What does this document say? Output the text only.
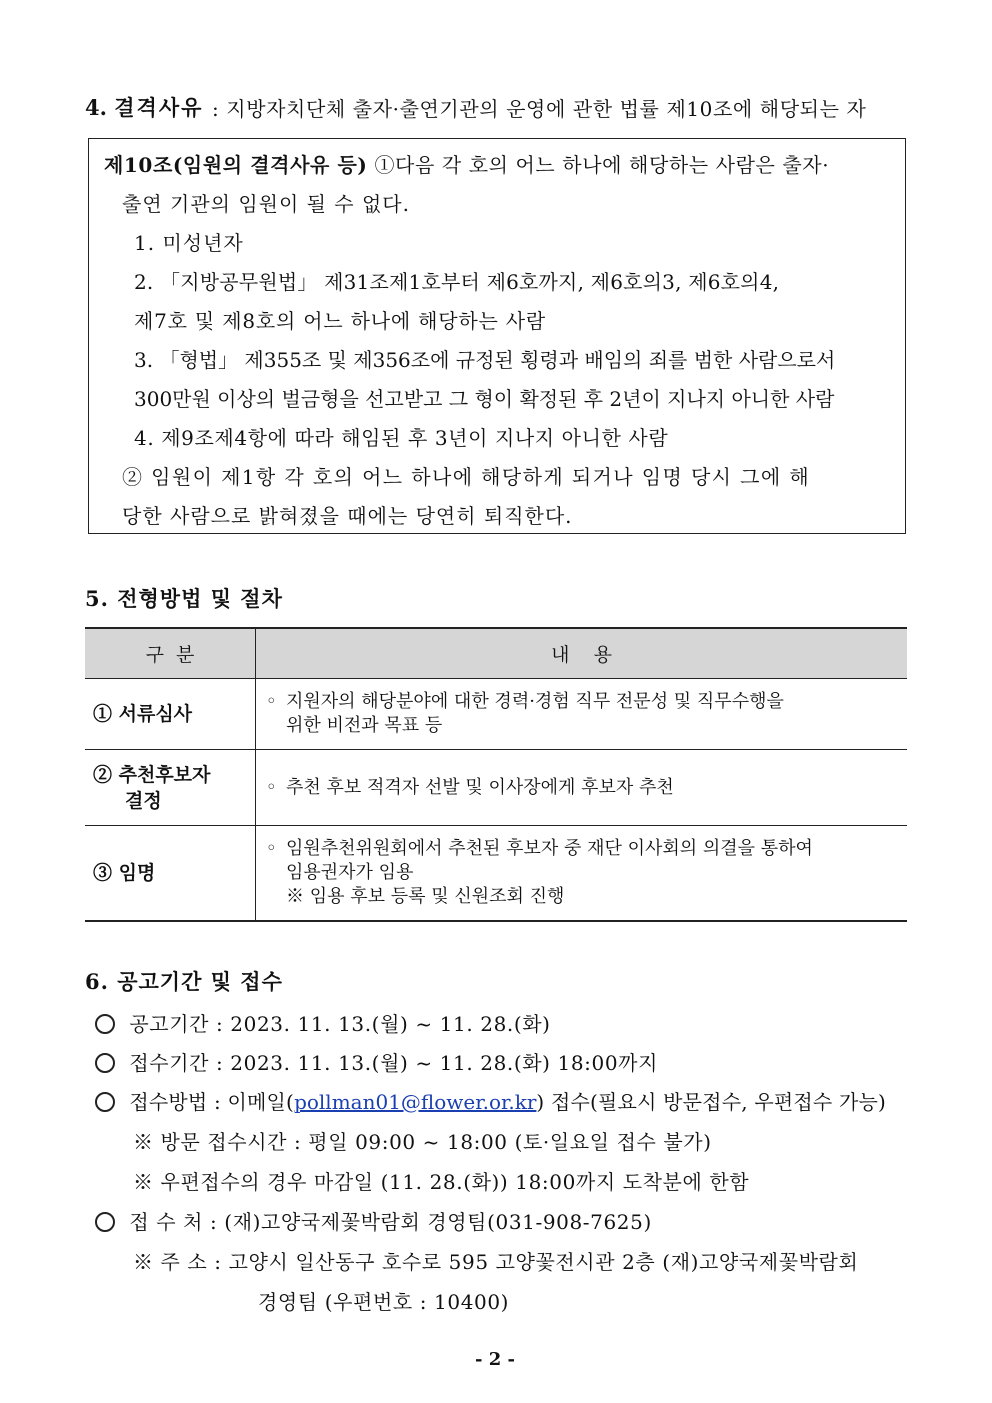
4. 결격사유 : 지방자치단체 출자·출연기관의 운영에 관한 법률 제10조에 해당되는 자
제10조(임원의 결격사유 등) ①다음 각 호의 어느 하나에 해당하는 사람은 출자·
출연 기관의 임원이 될 수 없다.
1. 미성년자
2. 「지방공무원법」 제31조제1호부터 제6호까지, 제6호의3, 제6호의4,
제7호 및 제8호의 어느 하나에 해당하는 사람
3. 「형법」 제355조 및 제356조에 규정된 횡령과 배임의 죄를 범한 사람으로서
300만원 이상의 벌금형을 선고받고 그 형이 확정된 후 2년이 지나지 아니한 사람
4. 제9조제4항에 따라 해임된 후 3년이 지나지 아니한 사람
② 임원이 제1항 각 호의 어느 하나에 해당하게 되거나 임명 당시 그에 해
당한 사람으로 밝혀졌을 때에는 당연히 퇴직한다.
5. 전형방법 및 절차
구  분	내    용

① 서류심사	◦ 지원자의 해당분야에 대한 경력·경험 직무 전문성 및 직무수행을
위한 비전과 목표 등

② 추천후보자
결정	◦ 추천 후보 적격자 선발 및 이사장에게 후보자 추천

③ 임명	◦ 임원추천위원회에서 추천된 후보자 중 재단 이사회의 의결을 통하여
임용권자가 임용
※ 임용 후보 등록 및 신원조회 진행
6. 공고기간 및 접수
공고기간 : 2023. 11. 13.(월) ~ 11. 28.(화)
접수기간 : 2023. 11. 13.(월) ~ 11. 28.(화) 18:00까지
접수방법 : 이메일(pollman01@flower.or.kr) 접수(필요시 방문접수, 우편접수 가능)
※ 방문 접수시간 : 평일 09:00 ~ 18:00 (토·일요일 접수 불가)
※ 우편접수의 경우 마감일 (11. 28.(화)) 18:00까지 도착분에 한함
접 수 처 : (재)고양국제꽃박람회 경영팀(031-908-7625)
※ 주 소 : 고양시 일산동구 호수로 595 고양꽃전시관 2층 (재)고양국제꽃박람회
경영팀 (우편번호 : 10400)
- 2 -
